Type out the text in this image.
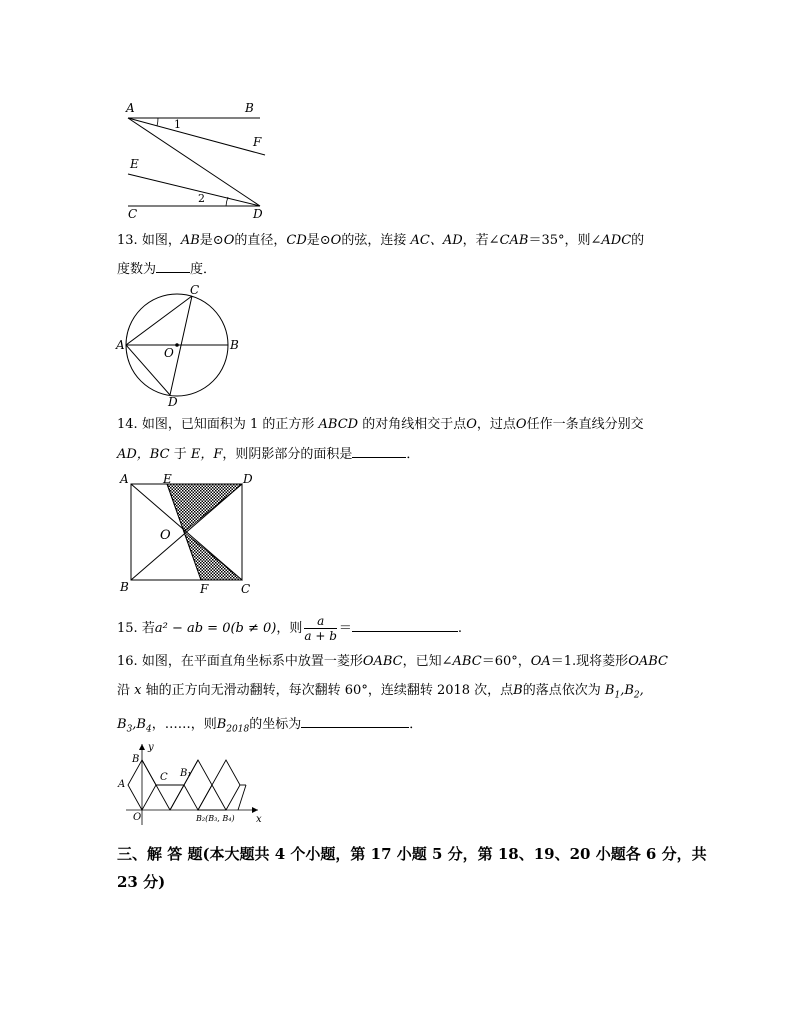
A	B
1
F
E
2
C	D
13. 如图，AB是⊙O的直径，CD是⊙O的弦，连接 AC、AD，若∠CAB＝35°，则∠ADC的
度数为	度．
C
A
O
B
D
14. 如图，已知面积为 1 的正方形 ABCD 的对角线相交于点O，过点O任作一条直线分别交
AD，BC 于 E，F，则阴影部分的面积是	．
A	E	D
O
B	F	C
15. 若a² − ab = 0(b ≠ 0)，则 $\frac{a}{a + b}$ ＝	.
16. 如图，在平面直角坐标系中放置一菱形OABC，已知∠ABC＝60°，OA＝1.现将菱形OABC
沿 x 轴的正方向无滑动翻转，每次翻转 60°，连续翻转 2018 次，点B的落点依次为 $B_1,B_2$,
$B_3,B_4$，……，则$B_{2018}$的坐标为	．
y
B
C B₁
A
O	B₂(B₃, B₄) x
三、解 答 题(本大题共 4 个小题，第 17 小题 5 分，第 18、19、20 小题各 6 分，共 23 分)
